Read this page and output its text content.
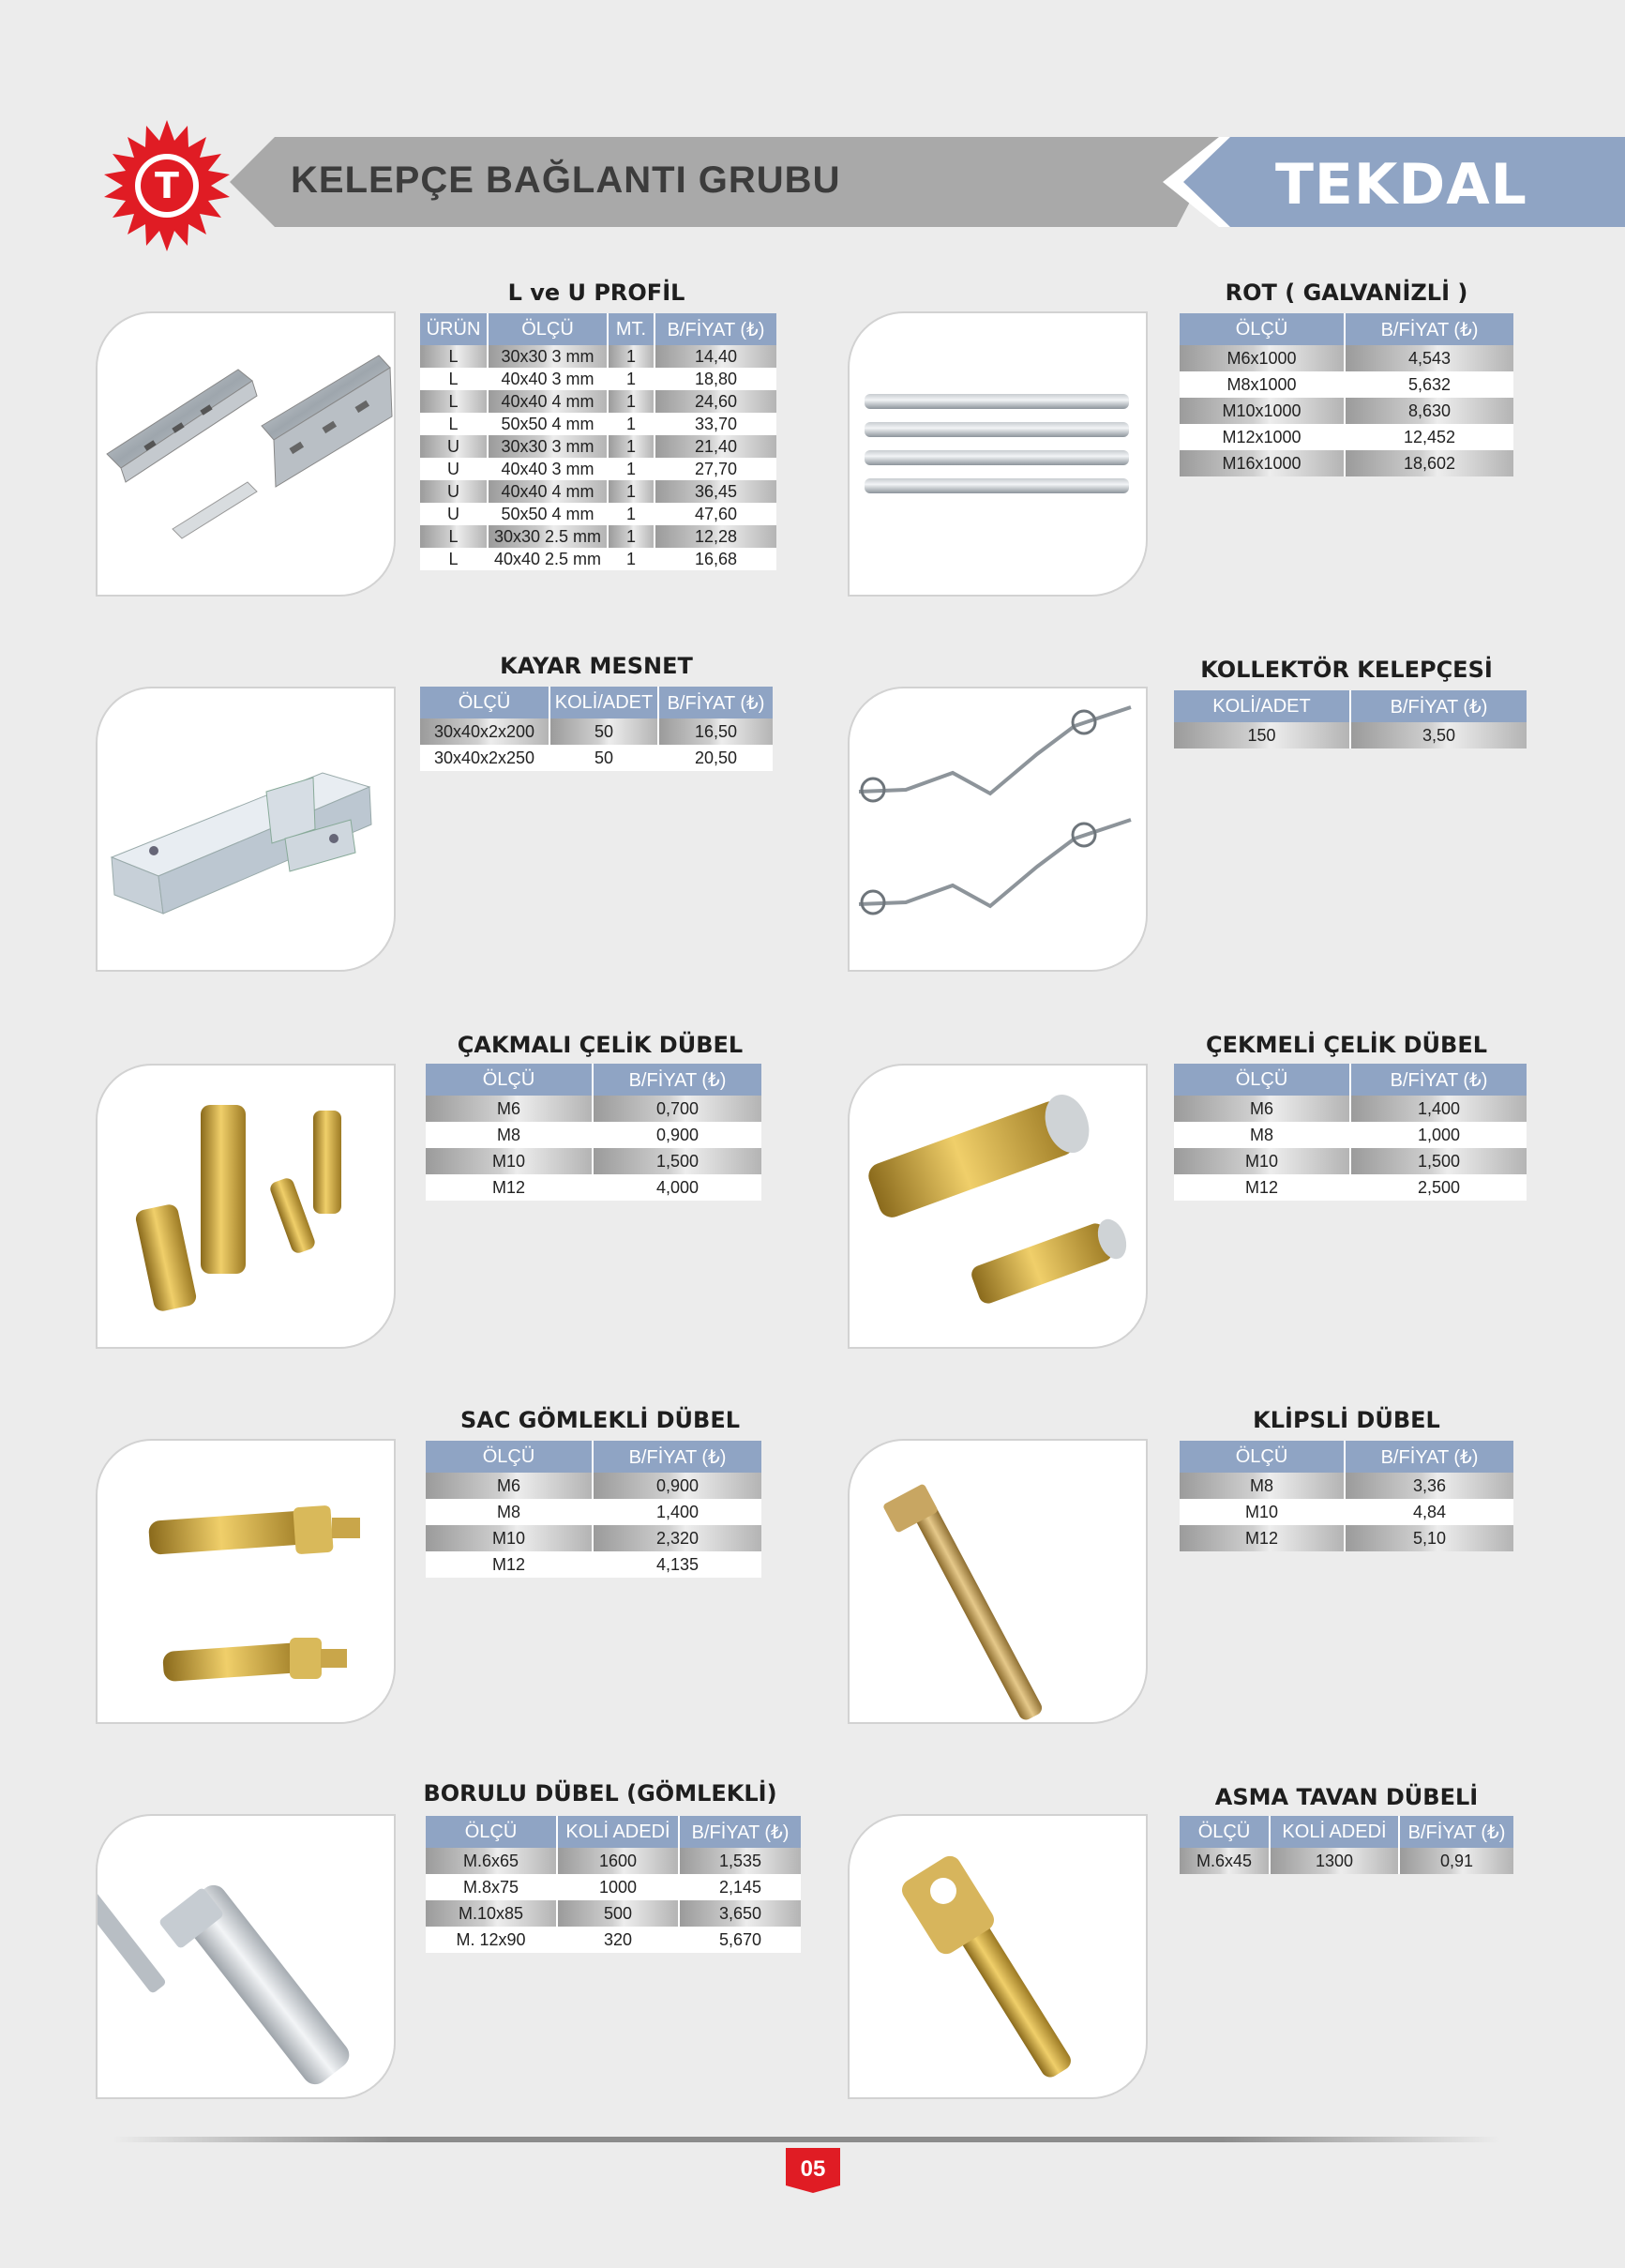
T	KELEPÇE BAĞLANTI GRUBU	TEKDAL
L ve U PROFİL	ROT ( GALVANİZLİ )
KAYAR MESNET	KOLLEKTÖR KELEPÇESİ
ÇAKMALI ÇELİK DÜBEL	ÇEKMELİ ÇELİK DÜBEL
SAC GÖMLEKLİ DÜBEL	KLİPSLİ DÜBEL
BORULU DÜBEL (GÖMLEKLİ)	ASMA TAVAN DÜBELİ
ÜRÜN	ÖLÇÜ	MT.	B/FİYAT (₺)
L	30x30 3 mm	1	14,40
L	40x40 3 mm	1	18,80
L	40x40 4 mm	1	24,60
L	50x50 4 mm	1	33,70
U	30x30 3 mm	1	21,40
U	40x40 3 mm	1	27,70
U	40x40 4 mm	1	36,45
U	50x50 4 mm	1	47,60
L	30x30 2.5 mm	1	12,28
L	40x40 2.5 mm	1	16,68
ÖLÇÜ	B/FİYAT (₺)
M6x1000	4,543
M8x1000	5,632
M10x1000	8,630
M12x1000	12,452
M16x1000	18,602
ÖLÇÜ	KOLİ/ADET	B/FİYAT (₺)
30x40x2x200	50	16,50
30x40x2x250	50	20,50
KOLİ/ADET	B/FİYAT (₺)
150	3,50
ÖLÇÜ	B/FİYAT (₺)
M6	0,700
M8	0,900
M10	1,500
M12	4,000
ÖLÇÜ	B/FİYAT (₺)
M6	1,400
M8	1,000
M10	1,500
M12	2,500
ÖLÇÜ	B/FİYAT (₺)
M6	0,900
M8	1,400
M10	2,320
M12	4,135
ÖLÇÜ	B/FİYAT (₺)
M8	3,36
M10	4,84
M12	5,10
ÖLÇÜ	KOLİ ADEDİ	B/FİYAT (₺)
M.6x65	1600	1,535
M.8x75	1000	2,145
M.10x85	500	3,650
M. 12x90	320	5,670
ÖLÇÜ	KOLİ ADEDİ	B/FİYAT (₺)
M.6x45	1300	0,91
05
